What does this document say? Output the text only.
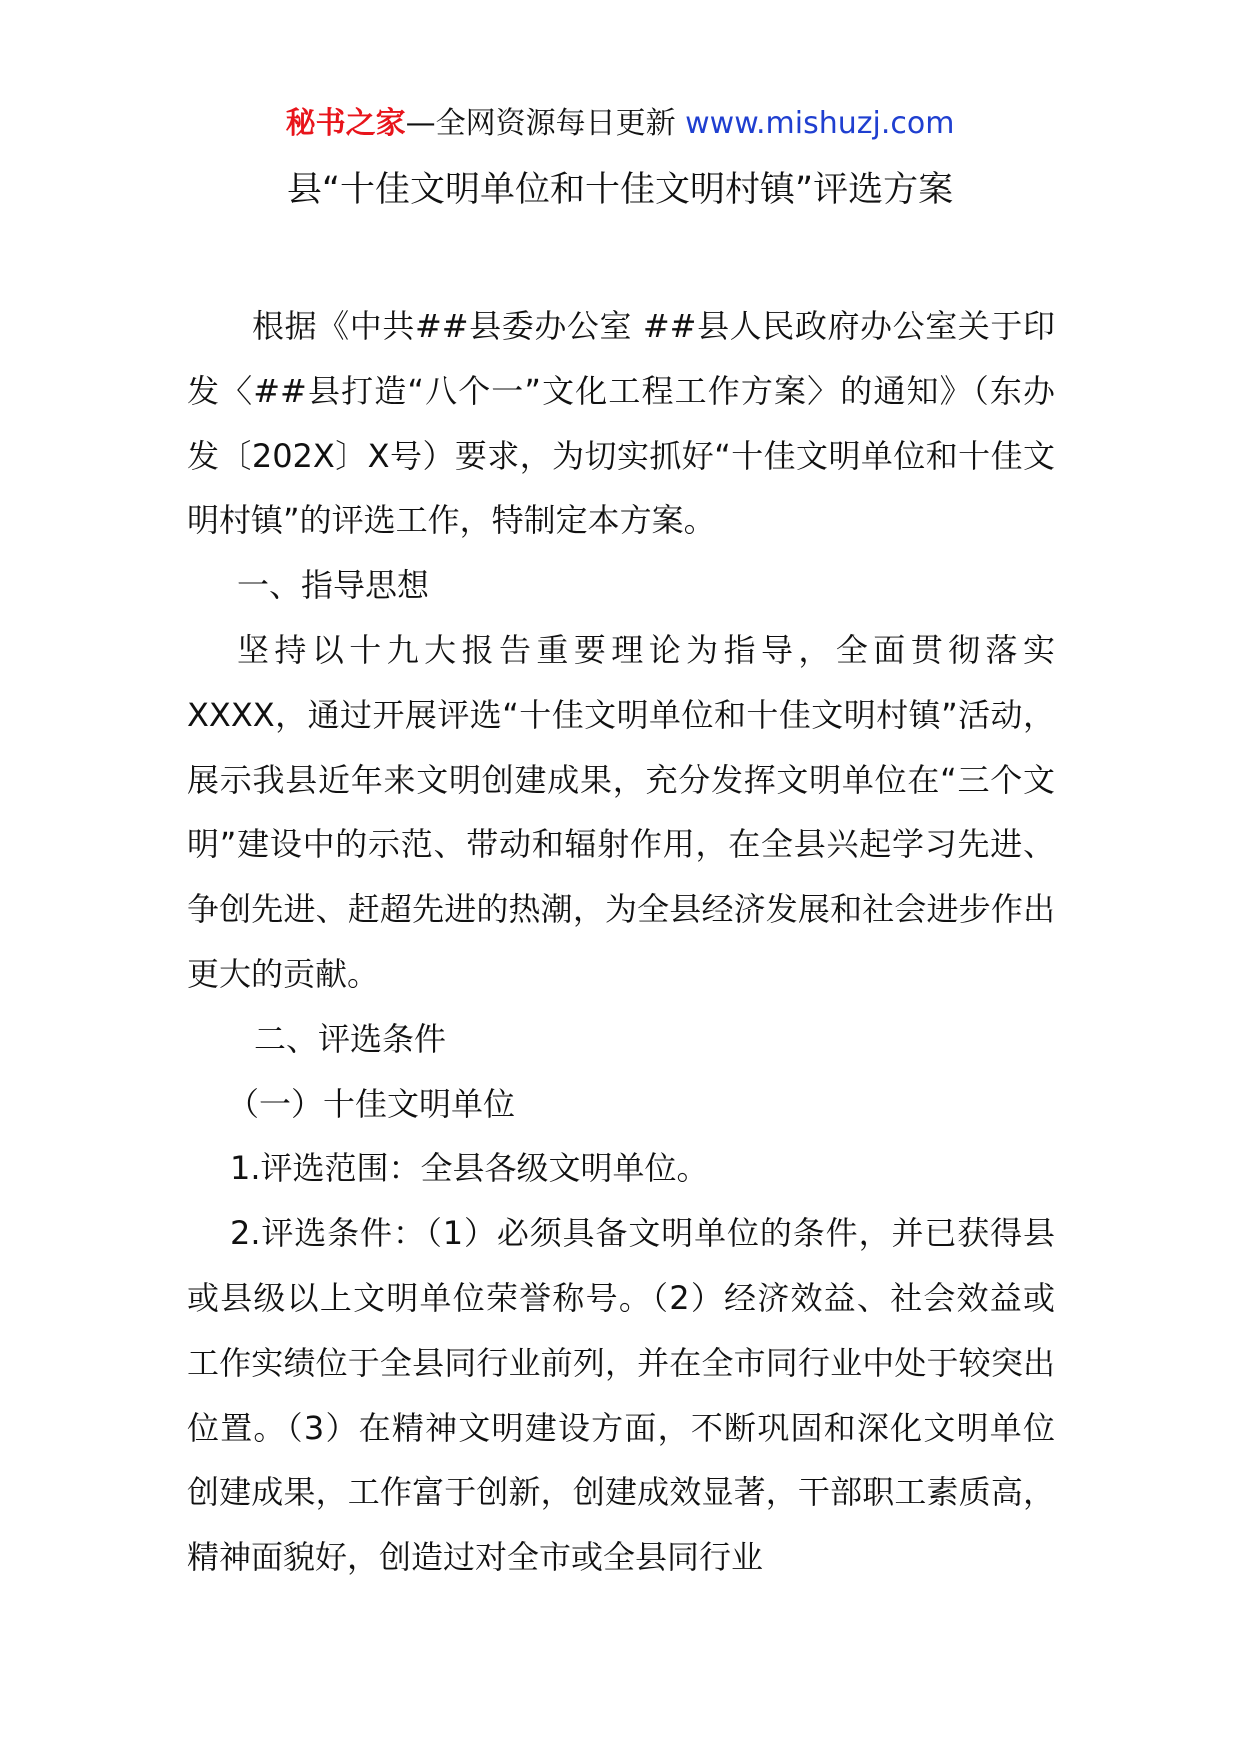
秘书之家—全网资源每日更新 www.mishuzj.com
县“十佳文明单位和十佳文明村镇”评选方案

根据《中共##县委办公室 ##县人民政府办公室关于印发〈##县打造“八个一”文化工程工作方案〉的通知》（东办发〔202X〕X号）要求，为切实抓好“十佳文明单位和十佳文明村镇”的评选工作，特制定本方案。

一、指导思想

坚持以十九大报告重要理论为指导，全面贯彻落实XXXX，通过开展评选“十佳文明单位和十佳文明村镇”活动，展示我县近年来文明创建成果，充分发挥文明单位在“三个文明”建设中的示范、带动和辐射作用，在全县兴起学习先进、争创先进、赶超先进的热潮，为全县经济发展和社会进步作出更大的贡献。

二、评选条件

（一）十佳文明单位

1.评选范围：全县各级文明单位。

2.评选条件：（1）必须具备文明单位的条件，并已获得县或县级以上文明单位荣誉称号。（2）经济效益、社会效益或工作实绩位于全县同行业前列，并在全市同行业中处于较突出位置。（3）在精神文明建设方面，不断巩固和深化文明单位创建成果，工作富于创新，创建成效显著，干部职工素质高，精神面貌好，创造过对全市或全县同行业
